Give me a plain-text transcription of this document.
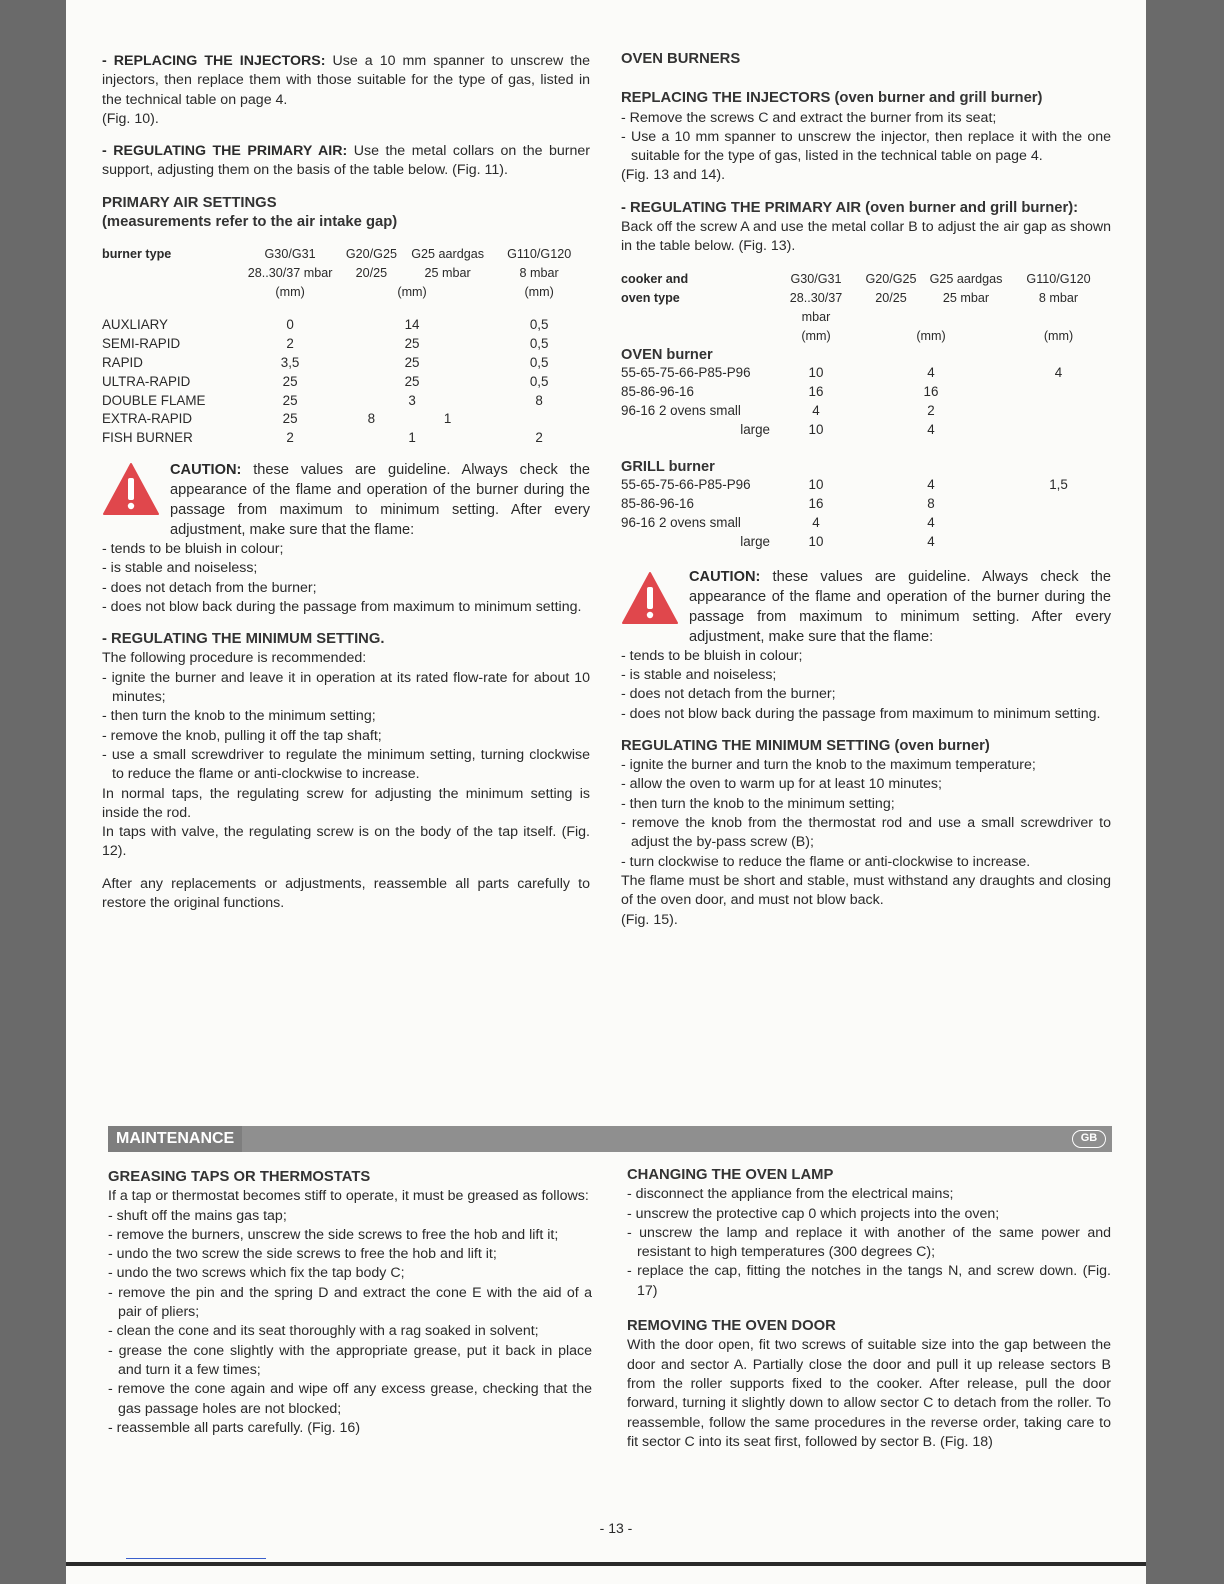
- REPLACING THE INJECTORS: Use a 10 mm spanner to unscrew the injectors, then replace them with those suitable for the type of gas, listed in the technical table on page 4.

(Fig. 10).

- REGULATING THE PRIMARY AIR: Use the metal collars on the burner support, adjusting them on the basis of the table below. (Fig. 11).

PRIMARY AIR SETTINGS

(measurements refer to the air intake gap)

burner type	G30/G31	G20/G25	G25 aardgas	G110/G120
	28..30/37 mbar	20/25	25 mbar	8 mbar
	(mm)	(mm)		(mm)

AUXLIARY	0	14		0,5
SEMI-RAPID	2	25		0,5
RAPID	3,5	25		0,5
ULTRA-RAPID	25	25		0,5
DOUBLE FLAME	25	3		8
EXTRA-RAPID	25	8	1	
FISH BURNER	2	1		2

CAUTION: these values are guideline. Always check the appearance of the flame and operation of the burner during the passage from maximum to minimum setting. After every adjustment, make sure that the flame:

- tends to be bluish in colour;
- is stable and noiseless;
- does not detach from the burner;
- does not blow back during the passage from maximum to minimum setting.

- REGULATING THE MINIMUM SETTING.

The following procedure is recommended:

- ignite the burner and leave it in operation at its rated flow-rate for about 10 minutes;
- then turn the knob to the minimum setting;
- remove the knob, pulling it off the tap shaft;
- use a small screwdriver to regulate the minimum setting, turning clockwise to reduce the flame or anti-clockwise to increase.

In normal taps, the regulating screw for adjusting the minimum setting is inside the rod.

In taps with valve, the regulating screw is on the body of the tap itself. (Fig. 12).

After any replacements or adjustments, reassemble all parts carefully to restore the original functions.

OVEN BURNERS

REPLACING THE INJECTORS (oven burner and grill burner)

- Remove the screws C and extract the burner from its seat;
- Use a 10 mm spanner to unscrew the injector, then replace it with the one suitable for the type of gas, listed in the technical table on page 4.

(Fig. 13 and 14).

- REGULATING THE PRIMARY AIR (oven burner and grill burner):

Back off the screw A and use the metal collar B to adjust the air gap as shown in the table below. (Fig. 13).

cooker and	G30/G31	G20/G25	G25 aardgas	G110/G120
oven type	28..30/37 mbar	20/25	25 mbar	8 mbar
	(mm)	(mm)		(mm)
OVEN burner				
55-65-75-66-P85-P96	10	4		4
85-86-96-16	16	16		
96-16 2 ovens small	4	2		
large	10	4		

GRILL burner				
55-65-75-66-P85-P96	10	4		1,5
85-86-96-16	16	8		
96-16 2 ovens small	4	4		
large	10	4		

CAUTION: these values are guideline. Always check the appearance of the flame and operation of the burner during the passage from maximum to minimum setting. After every adjustment, make sure that the flame:

- tends to be bluish in colour;
- is stable and noiseless;
- does not detach from the burner;
- does not blow back during the passage from maximum to minimum setting.

REGULATING THE MINIMUM SETTING (oven burner)

- ignite the burner and turn the knob to the maximum temperature;
- allow the oven to warm up for at least 10 minutes;
- then turn the knob to the minimum setting;
- remove the knob from the thermostat rod and use a small screwdriver to adjust the by-pass screw (B);
- turn clockwise to reduce the flame or anti-clockwise to increase.

The flame must be short and stable, must withstand any draughts and closing of the oven door, and must not blow back.

(Fig. 15).

MAINTENANCE	GB

GREASING TAPS OR THERMOSTATS

If a tap or thermostat becomes stiff to operate, it must be greased as follows:

- shuft off the mains gas tap;
- remove the burners, unscrew the side screws to free the hob and lift it;
- undo the two screw the side screws to free the hob and lift it;
- undo the two screws which fix the tap body C;
- remove the pin and the spring D and extract the cone E with the aid of a pair of pliers;
- clean the cone and its seat thoroughly with a rag soaked in solvent;
- grease the cone slightly with the appropriate grease, put it back in place and turn it a few times;
- remove the cone again and wipe off any excess grease, checking that the gas passage holes are not blocked;
- reassemble all parts carefully. (Fig. 16)

CHANGING THE OVEN LAMP

- disconnect the appliance from the electrical mains;
- unscrew the protective cap 0 which projects into the oven;
- unscrew the lamp and replace it with another of the same power and resistant to high temperatures (300 degrees C);
- replace the cap, fitting the notches in the tangs N, and screw down. (Fig. 17)

REMOVING THE OVEN DOOR

With the door open, fit two screws of suitable size into the gap between the door and sector A. Partially close the door and pull it up release sectors B from the roller supports fixed to the cooker. After release, pull the door forward, turning it slightly down to allow sector C to detach from the roller. To reassemble, follow the same procedures in the reverse order, taking care to fit sector C into its seat first, followed by sector B. (Fig. 18)

- 13 -
